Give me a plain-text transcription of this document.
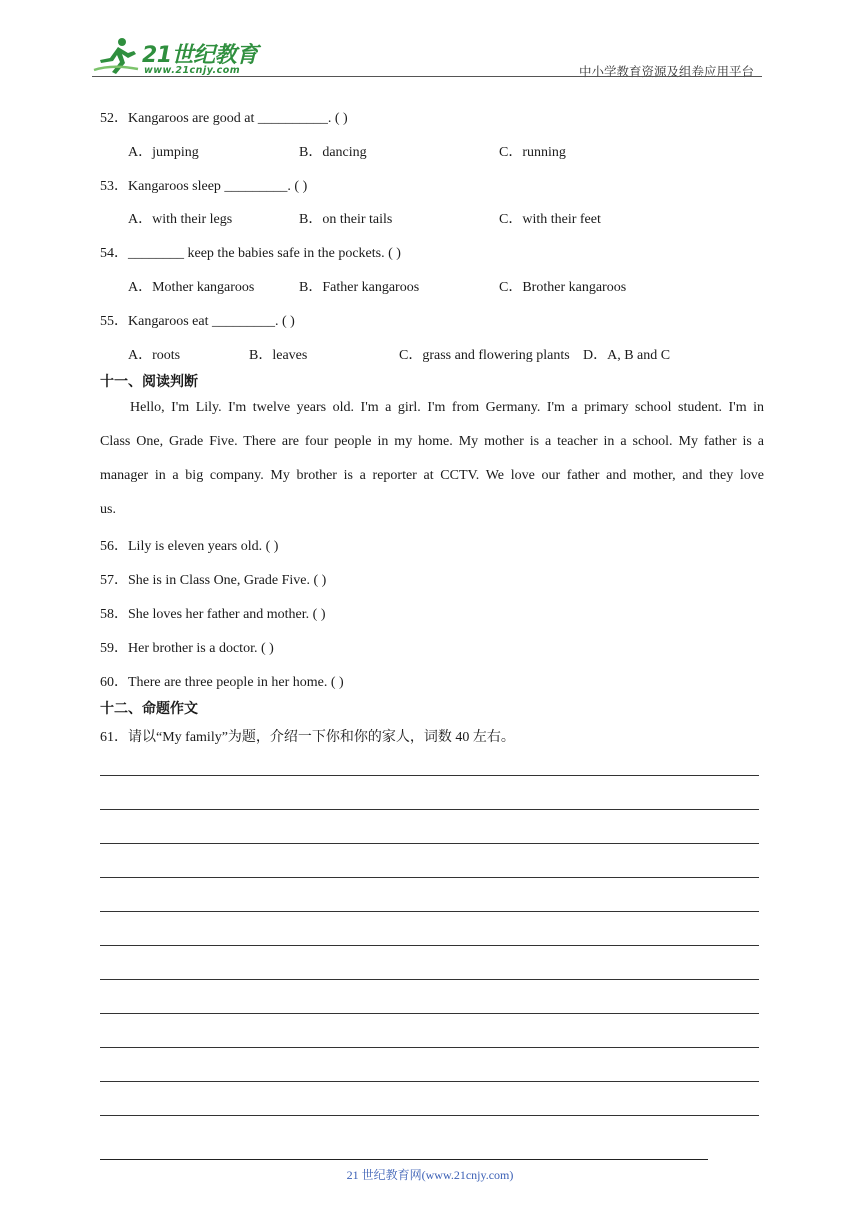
21世纪教育
www.21cnjy.com	中小学教育资源及组卷应用平台
52．Kangaroos are good at __________. ( )
A．jumping	B．dancing	C．running
53．Kangaroos sleep _________. ( )
A．with their legs	B．on their tails	C．with their feet
54．________ keep the babies safe in the pockets. ( )
A．Mother kangaroos	B．Father kangaroos	C．Brother kangaroos
55．Kangaroos eat _________. ( )
A．roots	B．leaves	C．grass and flowering plants D．A, B and C
十一、阅读判断
Hello, I'm Lily. I'm twelve years old. I'm a girl. I'm from Germany. I'm a primary school student. I'm in
Class One, Grade Five. There are four people in my home. My mother is a teacher in a school. My father is a
manager in a big company. My brother is a reporter at CCTV. We love our father and mother, and they love
us.
56．Lily is eleven years old. ( )
57．She is in Class One, Grade Five. ( )
58．She loves her father and mother. ( )
59．Her brother is a doctor. ( )
60．There are three people in her home. ( )
十二、命题作文
61．请以“My family”为题，介绍一下你和你的家人，词数 40 左右。
21 世纪教育网(www.21cnjy.com)
